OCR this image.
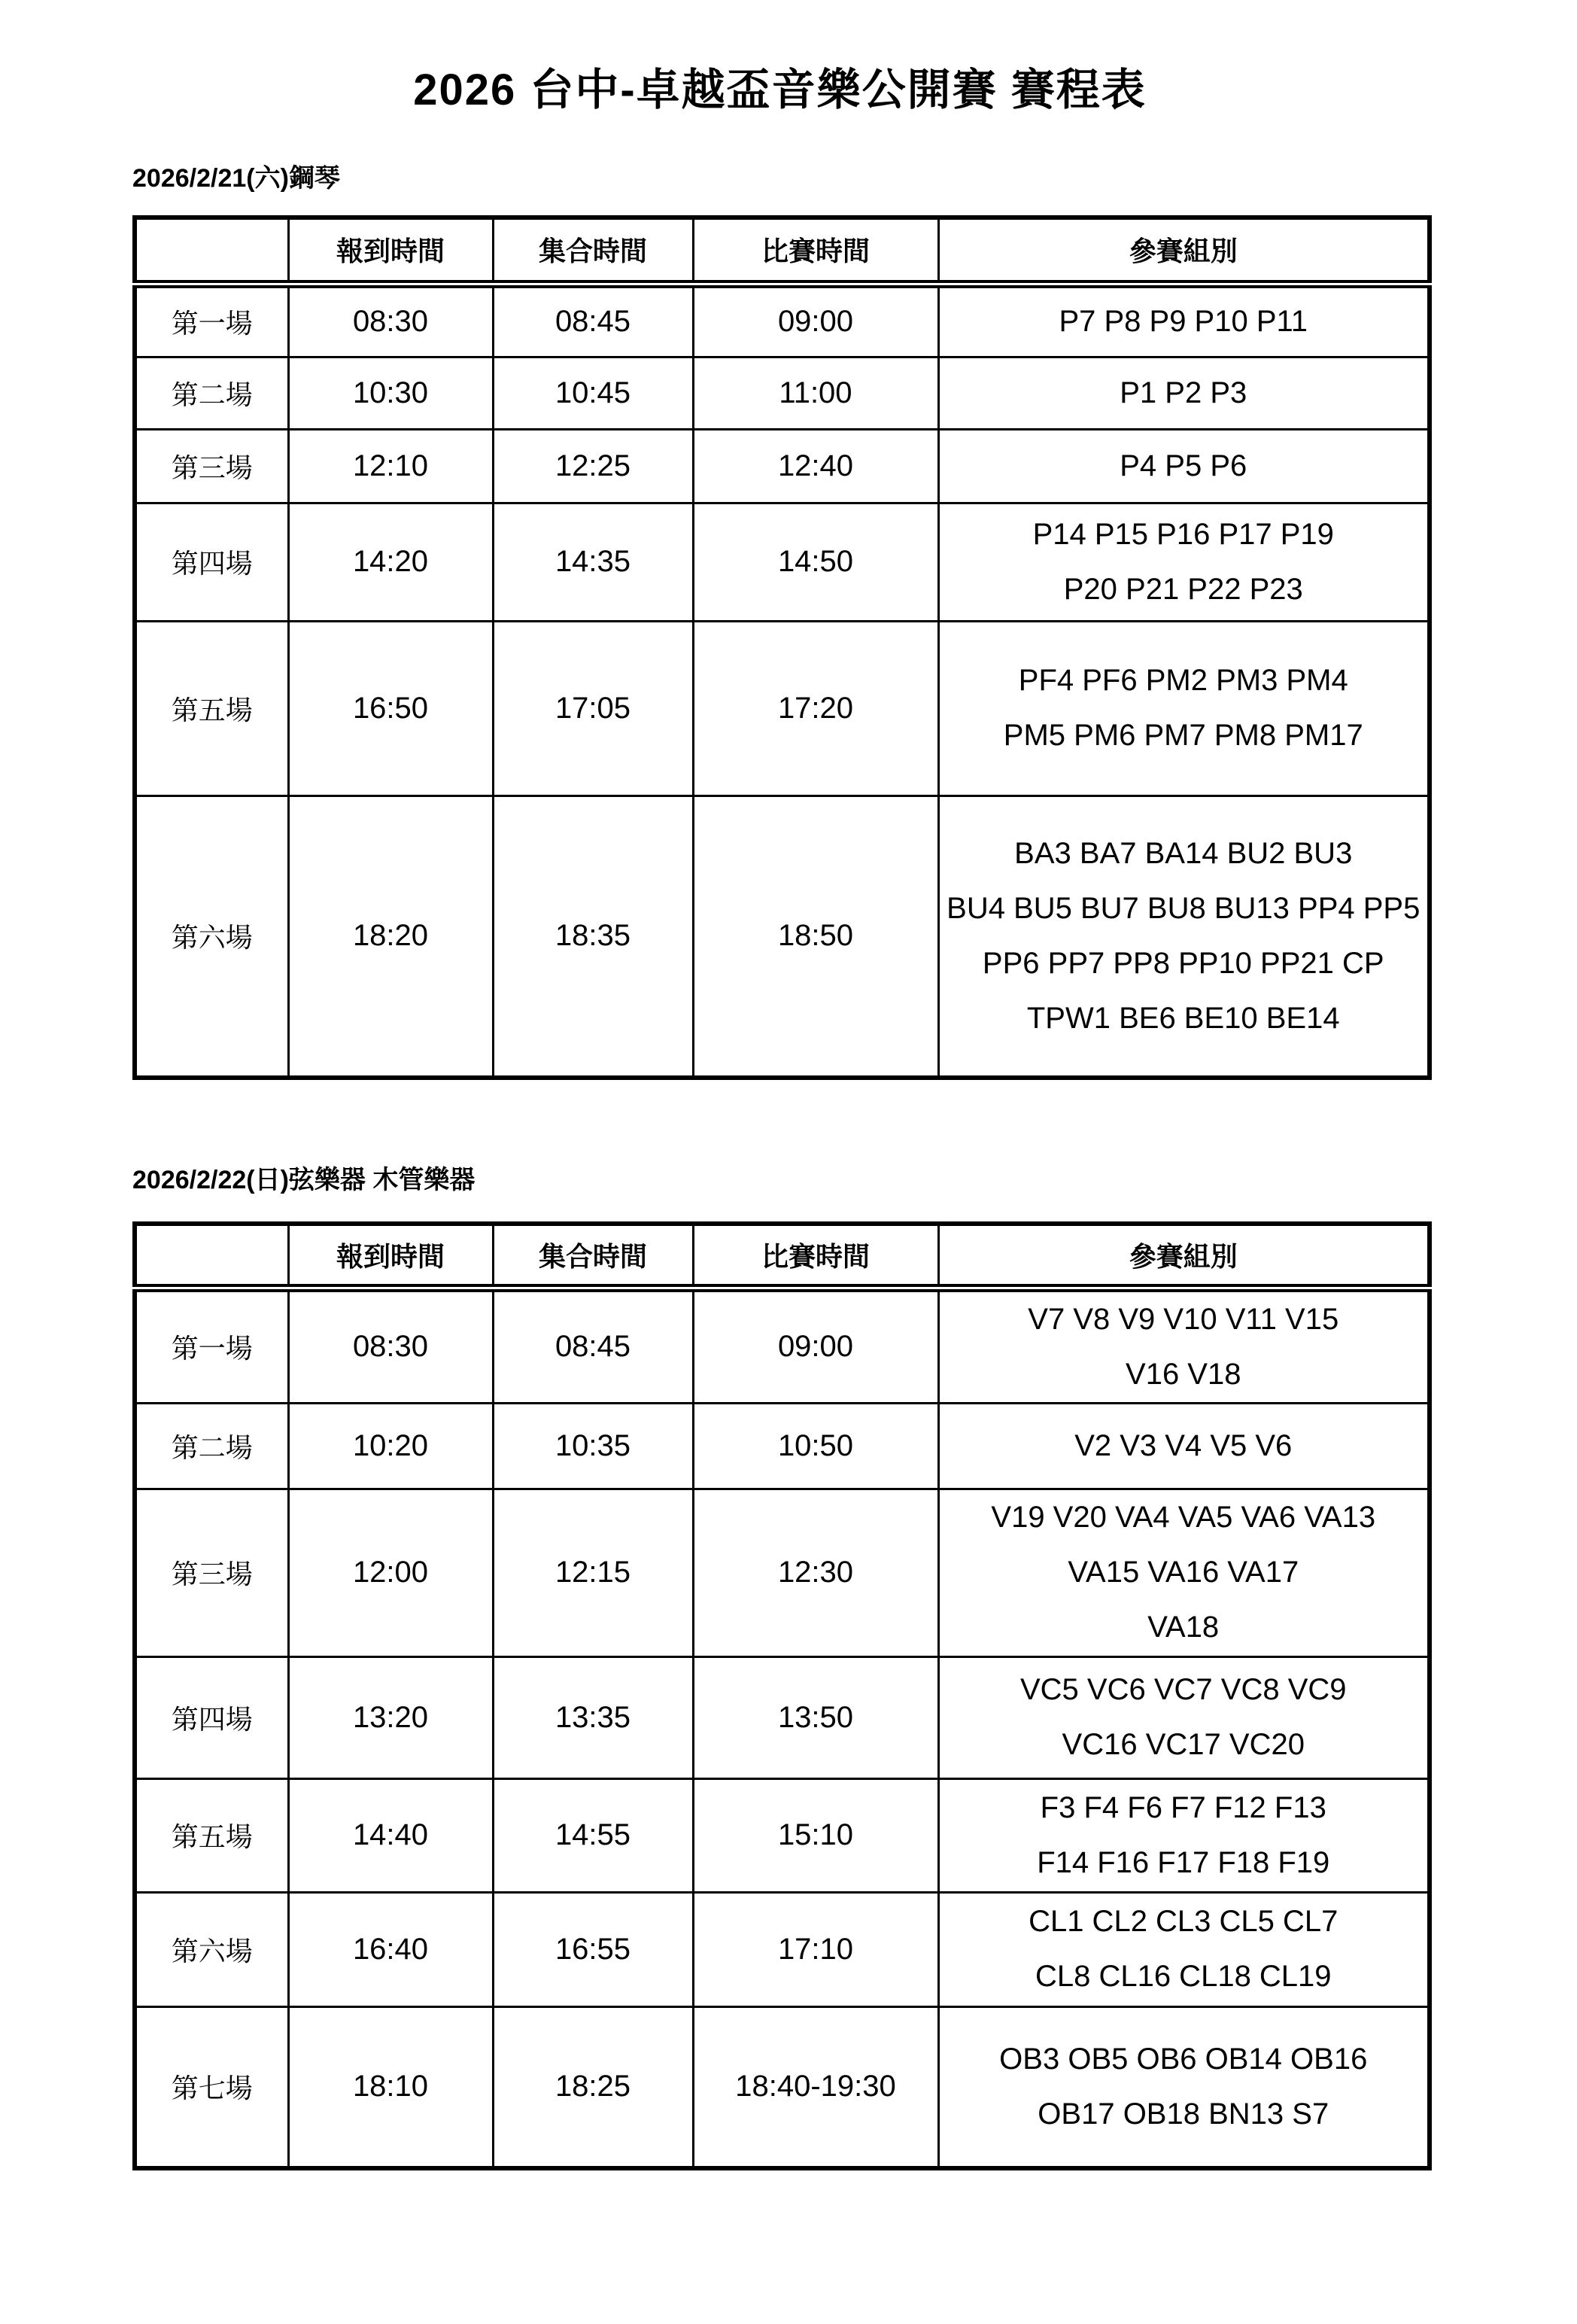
2026 台中-卓越盃音樂公開賽 賽程表
2026/2/21(六)鋼琴
	報到時間	集合時間	比賽時間	參賽組別
第一場	08:30	08:45	09:00	P7 P8 P9 P10 P11

第二場	10:30	10:45	11:00	P1 P2 P3

第三場	12:10	12:25	12:40	P4 P5 P6

第四場	14:20	14:35	14:50	P14 P15 P16 P17 P19
P20 P21 P22 P23

第五場	16:50	17:05	17:20	PF4 PF6 PM2 PM3 PM4
PM5 PM6 PM7 PM8 PM17

第六場	18:20	18:35	18:50	BA3 BA7 BA14 BU2 BU3
BU4 BU5 BU7 BU8 BU13 PP4 PP5
PP6 PP7 PP8 PP10 PP21 CP
TPW1 BE6 BE10 BE14
2026/2/22(日)弦樂器 木管樂器
	報到時間	集合時間	比賽時間	參賽組別
第一場	08:30	08:45	09:00	V7 V8 V9 V10 V11 V15
V16 V18

第二場	10:20	10:35	10:50	V2 V3 V4 V5 V6

第三場	12:00	12:15	12:30	V19 V20 VA4 VA5 VA6 VA13
VA15 VA16 VA17
VA18

第四場	13:20	13:35	13:50	VC5 VC6 VC7 VC8 VC9
VC16 VC17 VC20

第五場	14:40	14:55	15:10	F3 F4 F6 F7 F12 F13
F14 F16 F17 F18 F19

第六場	16:40	16:55	17:10	CL1 CL2 CL3 CL5 CL7
CL8 CL16 CL18 CL19

第七場	18:10	18:25	18:40-19:30	OB3 OB5 OB6 OB14 OB16
OB17 OB18 BN13 S7
